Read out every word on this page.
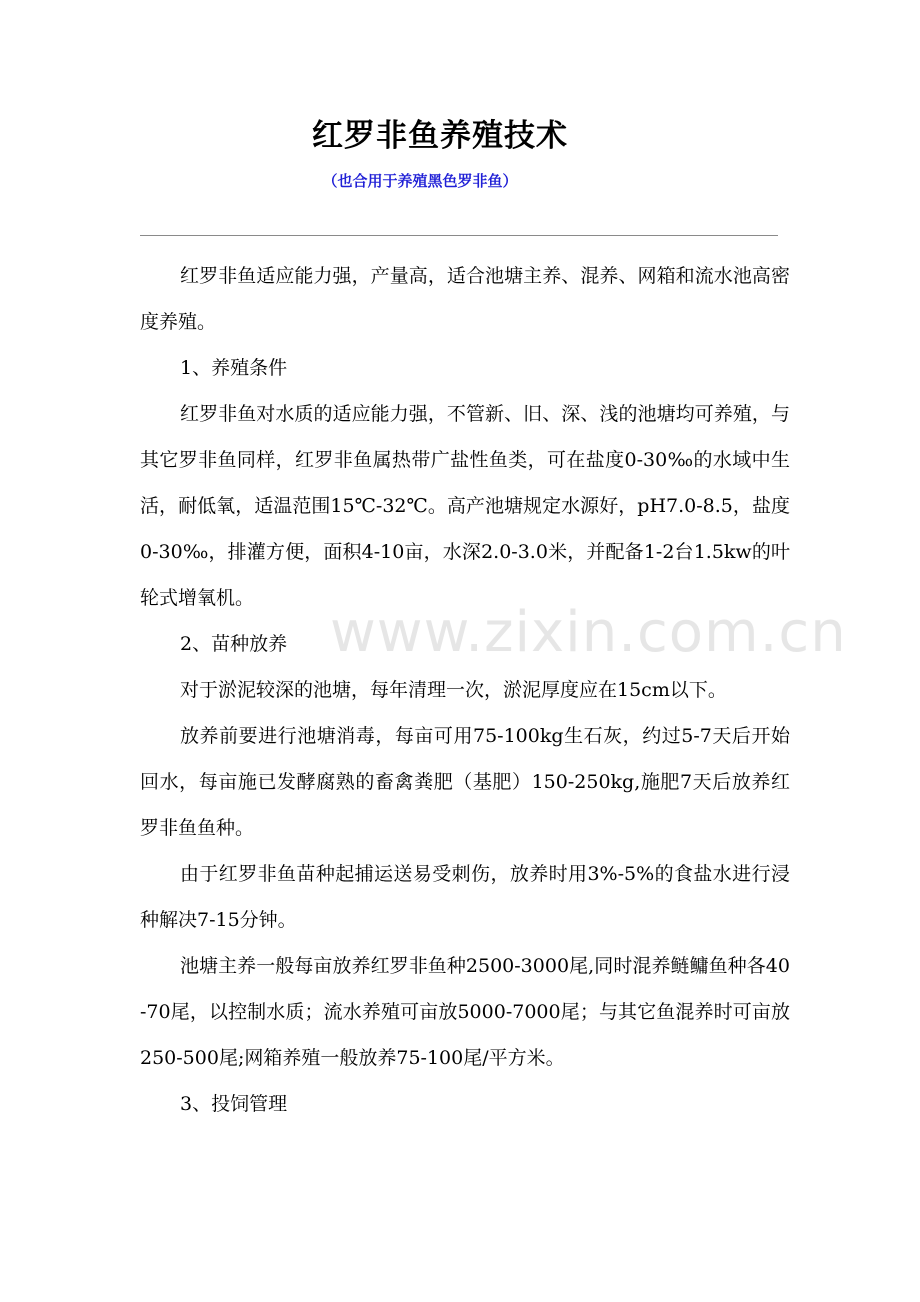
红罗非鱼养殖技术
（也合用于养殖黑色罗非鱼）

红罗非鱼适应能力强，产量高，适合池塘主养、混养、网箱和流水池高密度养殖。

1、养殖条件

红罗非鱼对水质的适应能力强，不管新、旧、深、浅的池塘均可养殖，与其它罗非鱼同样，红罗非鱼属热带广盐性鱼类，可在盐度0-30‰的水域中生活，耐低氧，适温范围15℃-32℃。高产池塘规定水源好，pH7.0-8.5，盐度0-30‰，排灌方便，面积4-10亩，水深2.0-3.0米，并配备1-2台1.5kw的叶轮式增氧机。

2、苗种放养

对于淤泥较深的池塘，每年清理一次，淤泥厚度应在15cm以下。

放养前要进行池塘消毒，每亩可用75-100kg生石灰，约过5-7天后开始回水，每亩施已发酵腐熟的畜禽粪肥（基肥）150-250kg,施肥7天后放养红罗非鱼鱼种。

由于红罗非鱼苗种起捕运送易受刺伤，放养时用3%-5%的食盐水进行浸种解决7-15分钟。

池塘主养一般每亩放养红罗非鱼种2500-3000尾,同时混养鲢鳙鱼种各40-70尾，以控制水质；流水养殖可亩放5000-7000尾；与其它鱼混养时可亩放250-500尾;网箱养殖一般放养75-100尾/平方米。

3、投饲管理

www.zixin.com.cn
